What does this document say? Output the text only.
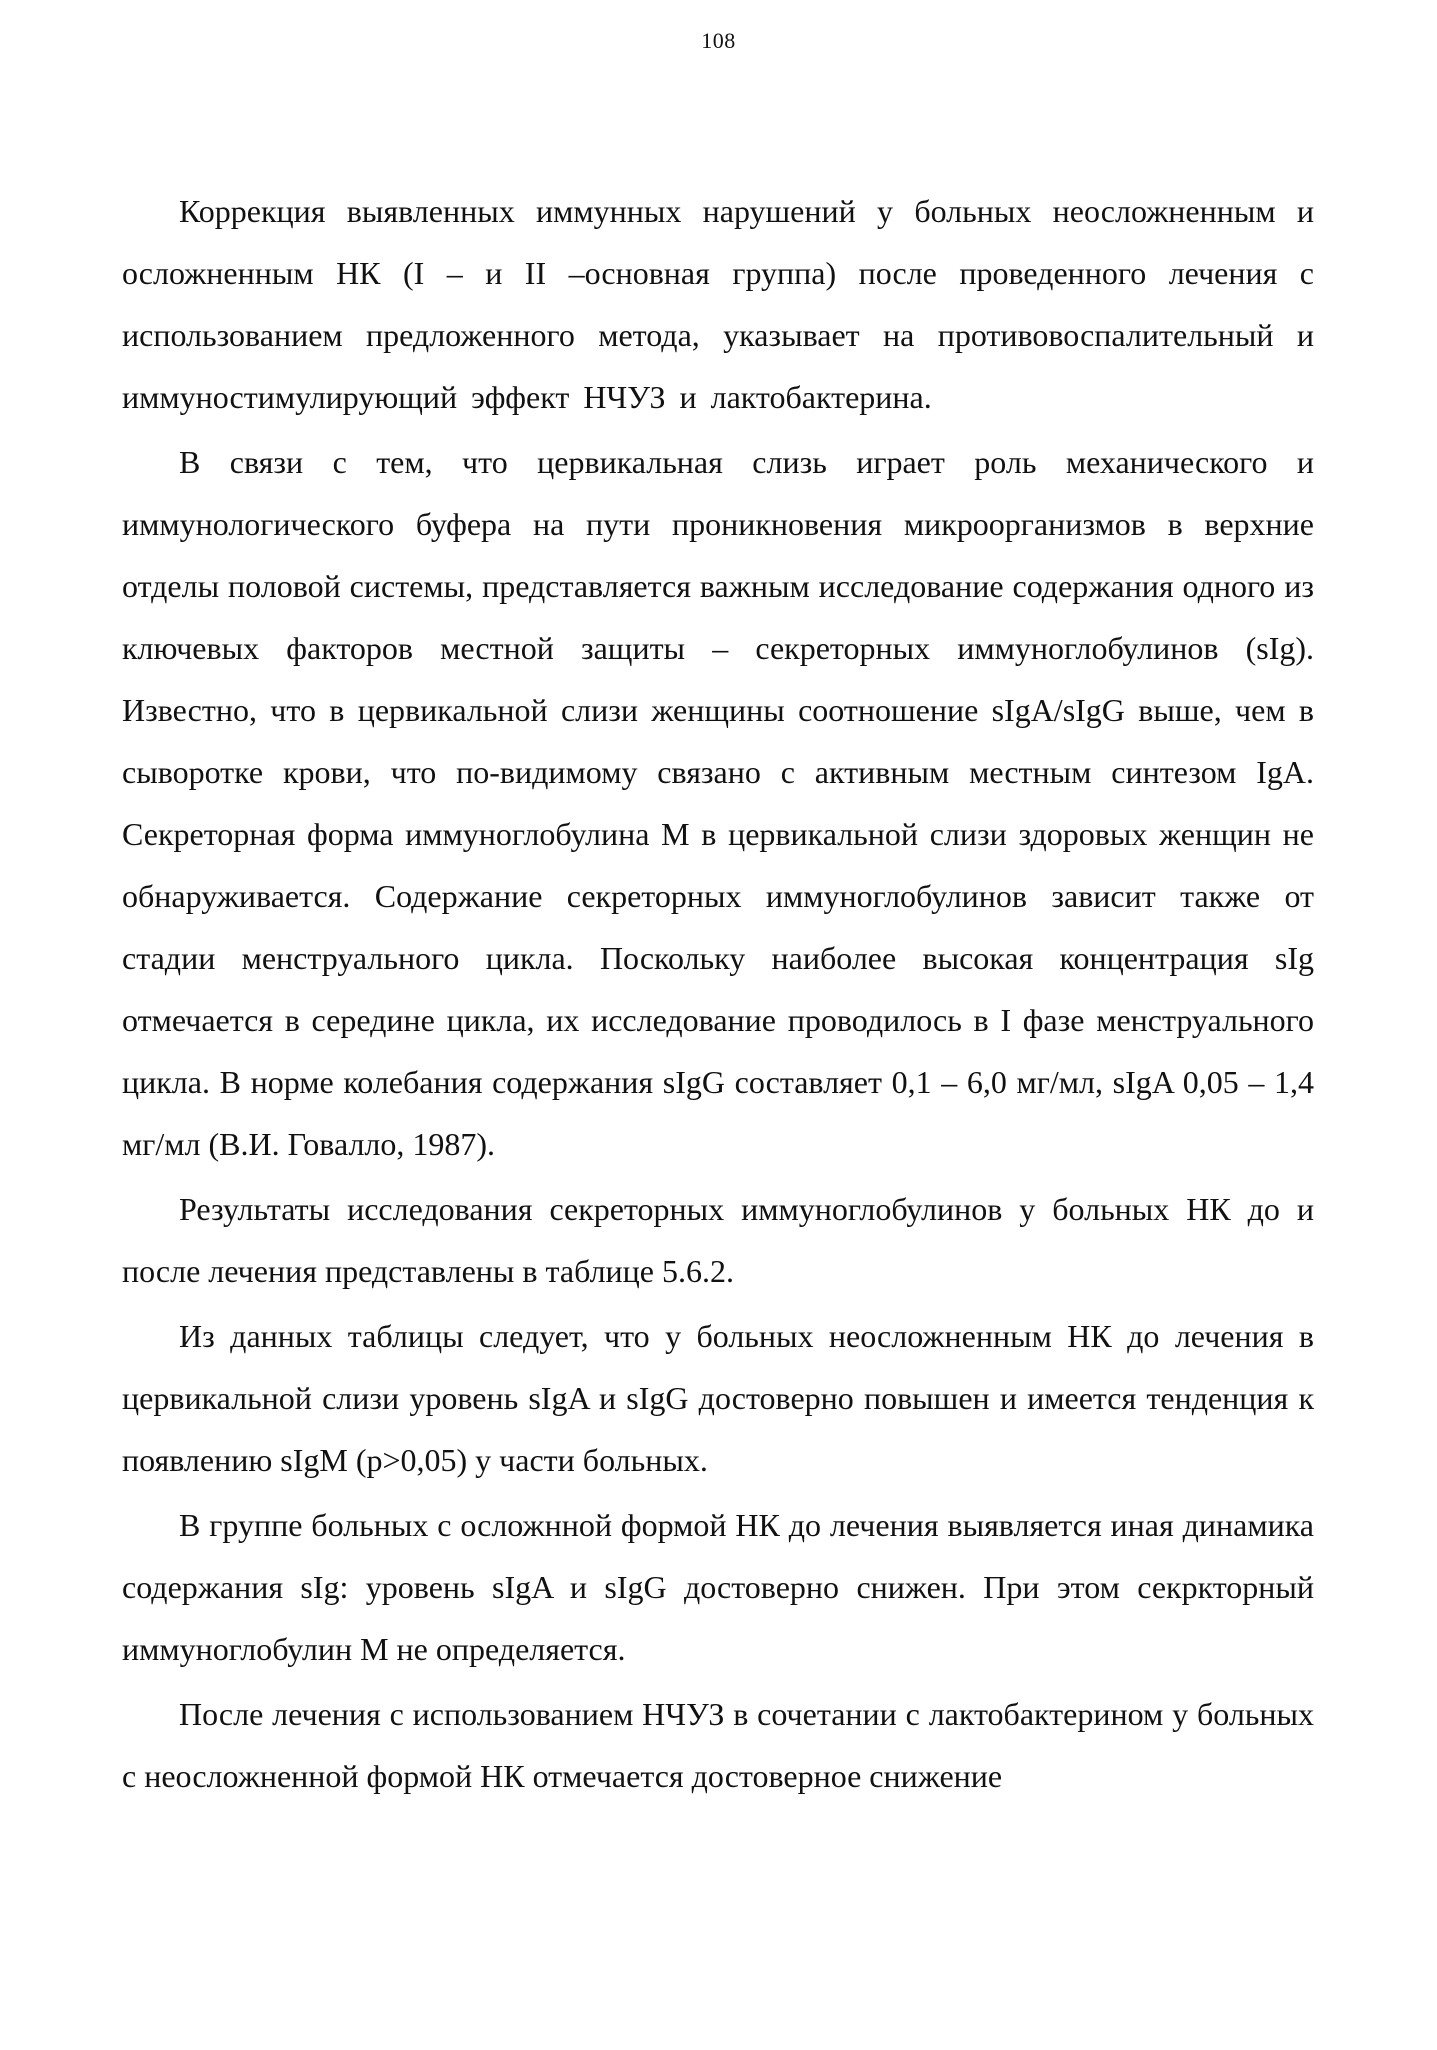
108

Коррекция выявленных иммунных нарушений у больных неосложненным и осложненным НК (I – и II –основная группа) после проведенного лечения с использованием предложенного метода, указывает на противовоспалительный и иммуностимулирующий эффект НЧУЗ и лактобактерина.

В связи с тем, что цервикальная слизь играет роль механического и иммунологического буфера на пути проникновения микроорганизмов в верхние отделы половой системы, представляется важным исследование содержания одного из ключевых факторов местной защиты – секреторных иммуноглобулинов (sIg). Известно, что в цервикальной слизи женщины соотношение sIgA/sIgG выше, чем в сыворотке крови, что по-видимому связано с активным местным синтезом IgA. Секреторная форма иммуноглобулина М в цервикальной слизи здоровых женщин не обнаруживается. Содержание секреторных иммуноглобулинов зависит также от стадии менструального цикла. Поскольку наиболее высокая концентрация sIg отмечается в середине цикла, их исследование проводилось в I фазе менструального цикла. В норме колебания содержания sIgG составляет 0,1 – 6,0 мг/мл, sIgA 0,05 – 1,4 мг/мл (В.И. Говалло, 1987).

Результаты исследования секреторных иммуноглобулинов у больных НК до и после лечения представлены в таблице 5.6.2.

Из данных таблицы следует, что у больных неосложненным НК до лечения в цервикальной слизи уровень sIgA и sIgG достоверно повышен и имеется тенденция к появлению sIgM (p>0,05) у части больных.

В группе больных с осложнной формой НК до лечения выявляется иная динамика содержания sIg: уровень sIgA и sIgG достоверно снижен. При этом секркторный иммуноглобулин М не определяется.

После лечения с использованием НЧУЗ в сочетании с лактобактерином у больных с неосложненной формой НК отмечается достоверное снижение
